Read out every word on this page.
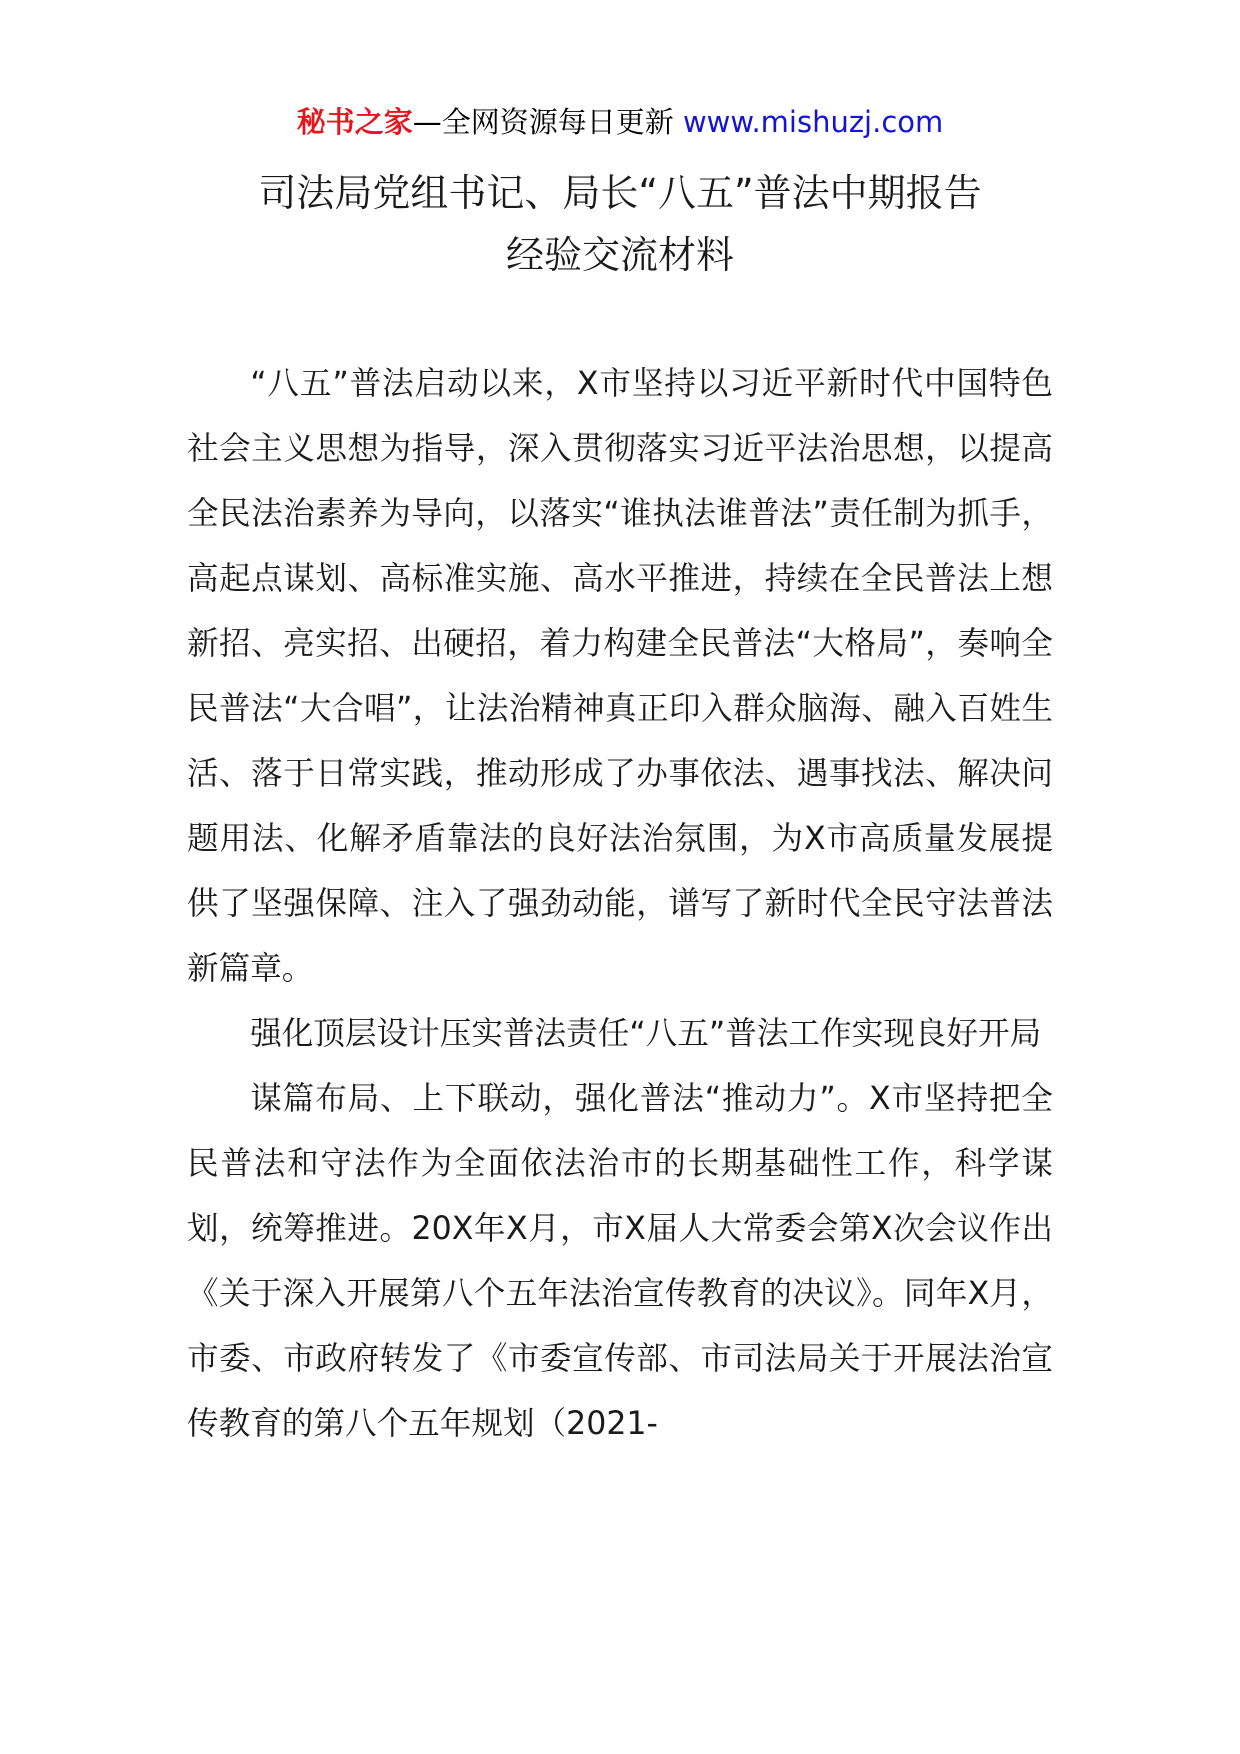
秘书之家—全网资源每日更新 www.mishuzj.com
司法局党组书记、局长“八五”普法中期报告
经验交流材料

“八五”普法启动以来，X市坚持以习近平新时代中国特色社会主义思想为指导，深入贯彻落实习近平法治思想，以提高全民法治素养为导向，以落实“谁执法谁普法”责任制为抓手，高起点谋划、高标准实施、高水平推进，持续在全民普法上想新招、亮实招、出硬招，着力构建全民普法“大格局”，奏响全民普法“大合唱”，让法治精神真正印入群众脑海、融入百姓生活、落于日常实践，推动形成了办事依法、遇事找法、解决问题用法、化解矛盾靠法的良好法治氛围，为X市高质量发展提供了坚强保障、注入了强劲动能，谱写了新时代全民守法普法新篇章。

强化顶层设计压实普法责任“八五”普法工作实现良好开局

谋篇布局、上下联动，强化普法“推动力”。X市坚持把全民普法和守法作为全面依法治市的长期基础性工作，科学谋划，统筹推进。20X年X月，市X届人大常委会第X次会议作出《关于深入开展第八个五年法治宣传教育的决议》。同年X月，市委、市政府转发了《市委宣传部、市司法局关于开展法治宣传教育的第八个五年规划（2021-
